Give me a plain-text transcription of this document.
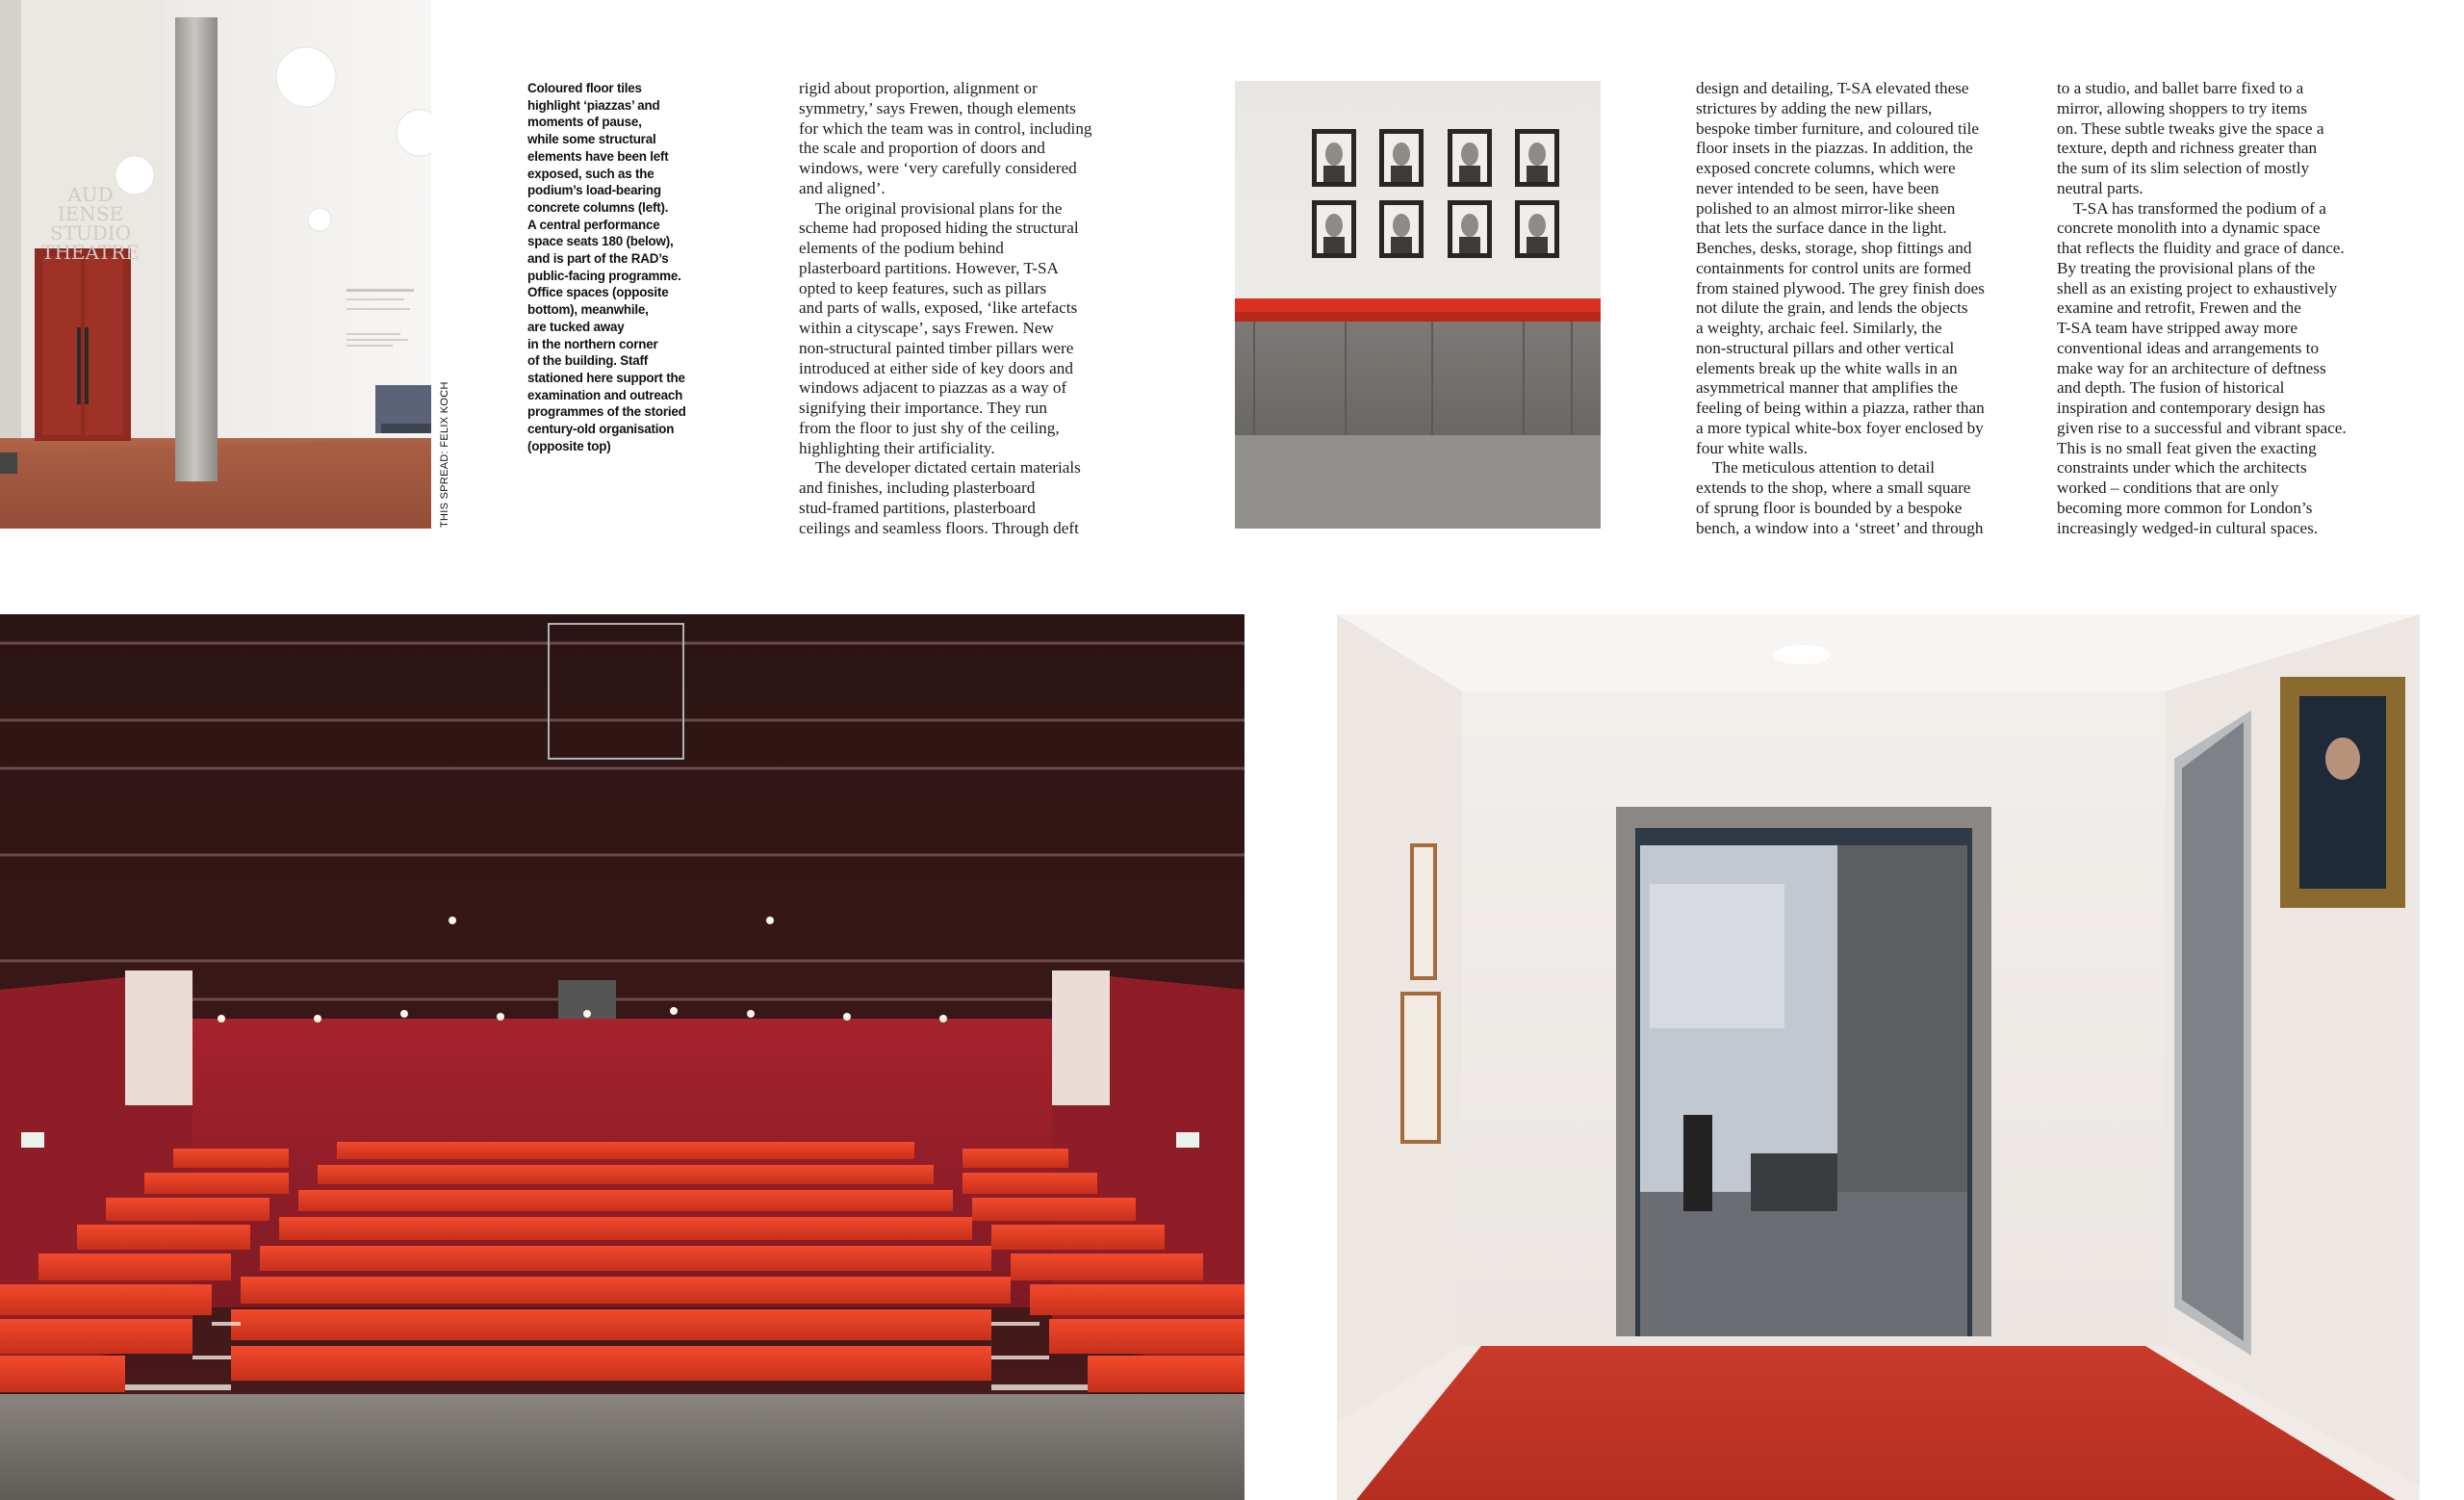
AUD IENSE
STUDIO
THEATRE
THIS SPREAD: FELIX KOCH
Coloured floor tiles
highlight ‘piazzas’ and
moments of pause,
while some structural
elements have been left
exposed, such as the
podium’s load-bearing
concrete columns (left).
A central performance
space seats 180 (below),
and is part of the RAD’s
public-facing programme.
Office spaces (opposite
bottom), meanwhile,
are tucked away
in the northern corner
of the building. Staff
stationed here support the
examination and outreach
programmes of the storied
century-old organisation
(opposite top)
rigid about proportion, alignment or
symmetry,’ says Frewen, though elements
for which the team was in control, including
the scale and proportion of doors and
windows, were ‘very carefully considered
and aligned’.
The original provisional plans for the
scheme had proposed hiding the structural
elements of the podium behind
plasterboard partitions. However, T-SA
opted to keep features, such as pillars
and parts of walls, exposed, ‘like artefacts
within a cityscape’, says Frewen. New
non-structural painted timber pillars were
introduced at either side of key doors and
windows adjacent to piazzas as a way of
signifying their importance. They run
from the floor to just shy of the ceiling,
highlighting their artificiality.
The developer dictated certain materials
and finishes, including plasterboard
stud-framed partitions, plasterboard
ceilings and seamless floors. Through deft
design and detailing, T-SA elevated these
strictures by adding the new pillars,
bespoke timber furniture, and coloured tile
floor insets in the piazzas. In addition, the
exposed concrete columns, which were
never intended to be seen, have been
polished to an almost mirror-like sheen
that lets the surface dance in the light.
Benches, desks, storage, shop fittings and
containments for control units are formed
from stained plywood. The grey finish does
not dilute the grain, and lends the objects
a weighty, archaic feel. Similarly, the
non-structural pillars and other vertical
elements break up the white walls in an
asymmetrical manner that amplifies the
feeling of being within a piazza, rather than
a more typical white-box foyer enclosed by
four white walls.
The meticulous attention to detail
extends to the shop, where a small square
of sprung floor is bounded by a bespoke
bench, a window into a ‘street’ and through
to a studio, and ballet barre fixed to a
mirror, allowing shoppers to try items
on. These subtle tweaks give the space a
texture, depth and richness greater than
the sum of its slim selection of mostly
neutral parts.
T-SA has transformed the podium of a
concrete monolith into a dynamic space
that reflects the fluidity and grace of dance.
By treating the provisional plans of the
shell as an existing project to exhaustively
examine and retrofit, Frewen and the
T-SA team have stripped away more
conventional ideas and arrangements to
make way for an architecture of deftness
and depth. The fusion of historical
inspiration and contemporary design has
given rise to a successful and vibrant space.
This is no small feat given the exacting
constraints under which the architects
worked – conditions that are only
becoming more common for London’s
increasingly wedged-in cultural spaces.
